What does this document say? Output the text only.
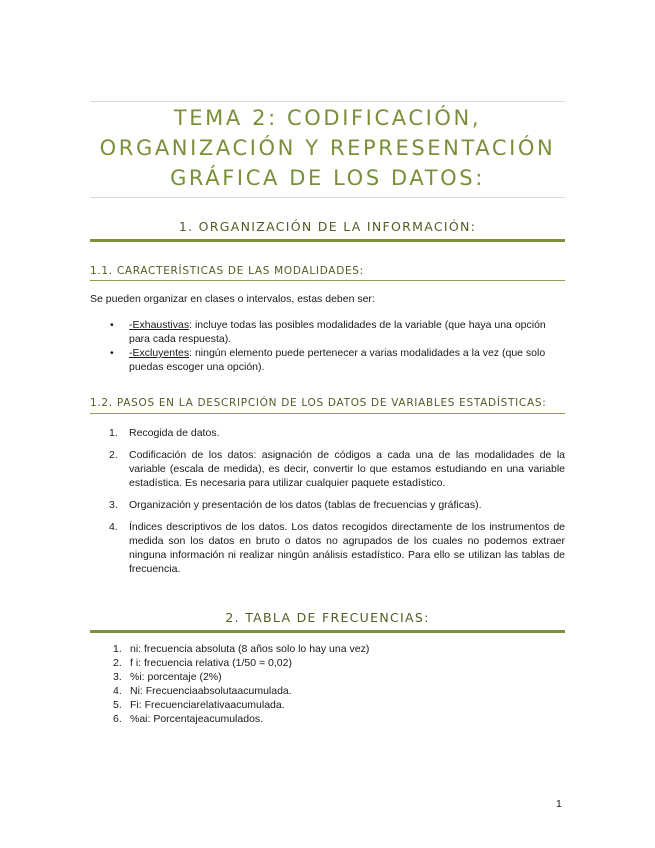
TEMA 2: CODIFICACIÓN,
ORGANIZACIÓN Y REPRESENTACIÓN
GRÁFICA DE LOS DATOS:
1. ORGANIZACIÓN DE LA INFORMACIÓN:
1.1. CARACTERÍSTICAS DE LAS MODALIDADES:
Se pueden organizar en clases o intervalos, estas deben ser:
• -Exhaustivas: incluye todas las posibles modalidades de la variable (que haya una opción para cada respuesta).
• -Excluyentes: ningún elemento puede pertenecer a varias modalidades a la vez (que solo puedas escoger una opción).
1.2. PASOS EN LA DESCRIPCIÓN DE LOS DATOS DE VARIABLES ESTADÍSTICAS:
1. Recogida de datos.
2. Codificación de los datos: asignación de códigos a cada una de las modalidades de la variable (escala de medida), es decir, convertir lo que estamos estudiando en una variable estadística. Es necesaria para utilizar cualquier paquete estadístico.
3. Organización y presentación de los datos (tablas de frecuencias y gráficas).
4. Índices descriptivos de los datos. Los datos recogidos directamente de los instrumentos de medida son los datos en bruto o datos no agrupados de los cuales no podemos extraer ninguna información ni realizar ningún análisis estadístico. Para ello se utilizan las tablas de frecuencia.
2. TABLA DE FRECUENCIAS:
1. ni: frecuencia absoluta (8 años solo lo hay una vez)
2. f i: frecuencia relativa (1/50 = 0,02)
3. %i: porcentaje (2%)
4. Ni: Frecuenciaabsolutaacumulada.
5. Fi: Frecuenciarelativaacumulada.
6. %ai: Porcentajeacumulados.
1
